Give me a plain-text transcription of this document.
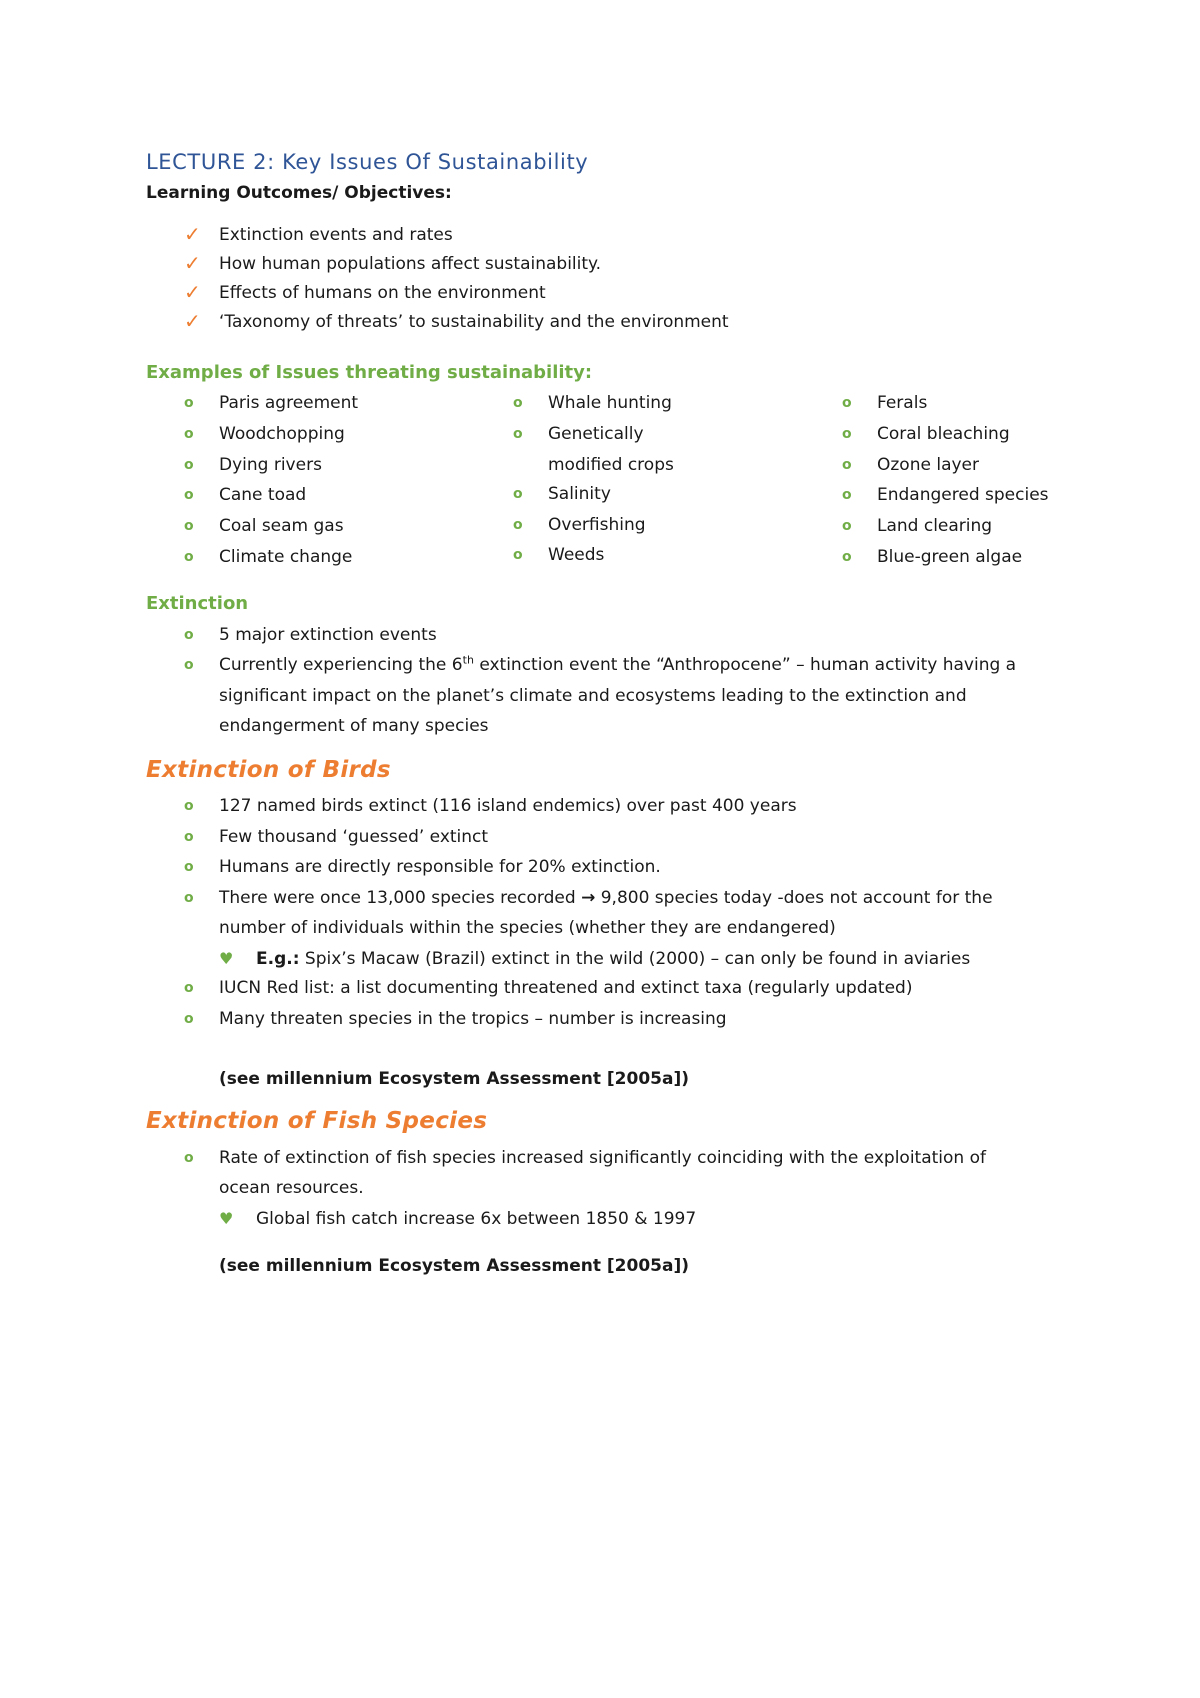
LECTURE 2: Key Issues Of Sustainability
Learning Outcomes/ Objectives:
✓ Extinction events and rates
✓ How human populations affect sustainability.
✓ Effects of humans on the environment
✓ ‘Taxonomy of threats’ to sustainability and the environment
Examples of Issues threating sustainability:
o Paris agreement
o Woodchopping
o Dying rivers
o Cane toad
o Coal seam gas
o Climate change
o Whale hunting
o Genetically
modified crops
o Salinity
o Overfishing
o Weeds
o Ferals
o Coral bleaching
o Ozone layer
o Endangered species
o Land clearing
o Blue-green algae
Extinction
o 5 major extinction events
o Currently experiencing the 6th extinction event the “Anthropocene” – human activity having a
significant impact on the planet’s climate and ecosystems leading to the extinction and
endangerment of many species
Extinction of Birds
o 127 named birds extinct (116 island endemics) over past 400 years
o Few thousand ‘guessed’ extinct
o Humans are directly responsible for 20% extinction.
o There were once 13,000 species recorded → 9,800 species today -does not account for the
number of individuals within the species (whether they are endangered)
♥ E.g.: Spix’s Macaw (Brazil) extinct in the wild (2000) – can only be found in aviaries
o IUCN Red list: a list documenting threatened and extinct taxa (regularly updated)
o Many threaten species in the tropics – number is increasing
(see millennium Ecosystem Assessment [2005a])
Extinction of Fish Species
o Rate of extinction of fish species increased significantly coinciding with the exploitation of
ocean resources.
♥ Global fish catch increase 6x between 1850 & 1997
(see millennium Ecosystem Assessment [2005a])
